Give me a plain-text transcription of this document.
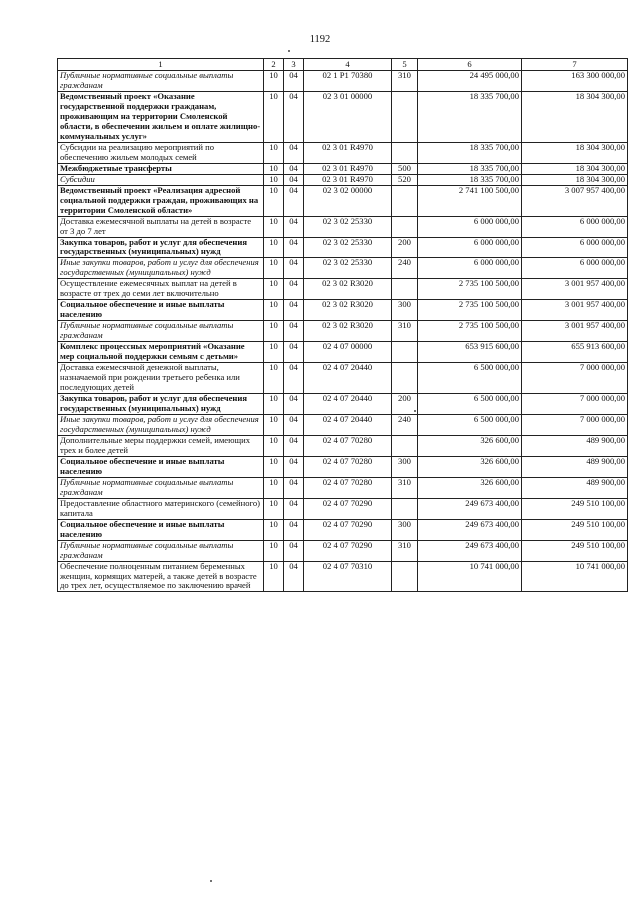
1192
1	2	3	4	5	6	7
Публичные нормативные социальные выплаты гражданам	10	04	02 1 Р1 70380	310	24 495 000,00	163 300 000,00
Ведомственный проект «Оказание государственной поддержки гражданам, проживающим на территории Смоленской области, в обеспечении жильем и оплате жилищно-коммунальных услуг»	10	04	02 3 01 00000		18 335 700,00	18 304 300,00
Субсидии на реализацию мероприятий по обеспечению жильем молодых семей	10	04	02 3 01 R4970		18 335 700,00	18 304 300,00
Межбюджетные трансферты	10	04	02 3 01 R4970	500	18 335 700,00	18 304 300,00
Субсидии	10	04	02 3 01 R4970	520	18 335 700,00	18 304 300,00
Ведомственный проект «Реализация адресной социальной поддержки граждан, проживающих на территории Смоленской области»	10	04	02 3 02 00000		2 741 100 500,00	3 007 957 400,00
Доставка ежемесячной выплаты на детей в возрасте от 3 до 7 лет	10	04	02 3 02 25330		6 000 000,00	6 000 000,00
Закупка товаров, работ и услуг для обеспечения государственных (муниципальных) нужд	10	04	02 3 02 25330	200	6 000 000,00	6 000 000,00
Иные закупки товаров, работ и услуг для обеспечения государственных (муниципальных) нужд	10	04	02 3 02 25330	240	6 000 000,00	6 000 000,00
Осуществление ежемесячных выплат на детей в возрасте от трех до семи лет включительно	10	04	02 3 02 R3020		2 735 100 500,00	3 001 957 400,00
Социальное обеспечение и иные выплаты населению	10	04	02 3 02 R3020	300	2 735 100 500,00	3 001 957 400,00
Публичные нормативные социальные выплаты гражданам	10	04	02 3 02 R3020	310	2 735 100 500,00	3 001 957 400,00
Комплекс процессных мероприятий «Оказание мер социальной поддержки семьям с детьми»	10	04	02 4 07 00000		653 915 600,00	655 913 600,00
Доставка ежемесячной денежной выплаты, назначаемой при рождении третьего ребенка или последующих детей	10	04	02 4 07 20440		6 500 000,00	7 000 000,00
Закупка товаров, работ и услуг для обеспечения государственных (муниципальных) нужд	10	04	02 4 07 20440	200	6 500 000,00	7 000 000,00
Иные закупки товаров, работ и услуг для обеспечения государственных (муниципальных) нужд	10	04	02 4 07 20440	240	6 500 000,00	7 000 000,00
Дополнительные меры поддержки семей, имеющих трех и более детей	10	04	02 4 07 70280		326 600,00	489 900,00
Социальное обеспечение и иные выплаты населению	10	04	02 4 07 70280	300	326 600,00	489 900,00
Публичные нормативные социальные выплаты гражданам	10	04	02 4 07 70280	310	326 600,00	489 900,00
Предоставление областного материнского (семейного) капитала	10	04	02 4 07 70290		249 673 400,00	249 510 100,00
Социальное обеспечение и иные выплаты населению	10	04	02 4 07 70290	300	249 673 400,00	249 510 100,00
Публичные нормативные социальные выплаты гражданам	10	04	02 4 07 70290	310	249 673 400,00	249 510 100,00
Обеспечение полноценным питанием беременных женщин, кормящих матерей, а также детей в возрасте до трех лет, осуществляемое по заключению врачей	10	04	02 4 07 70310		10 741 000,00	10 741 000,00
